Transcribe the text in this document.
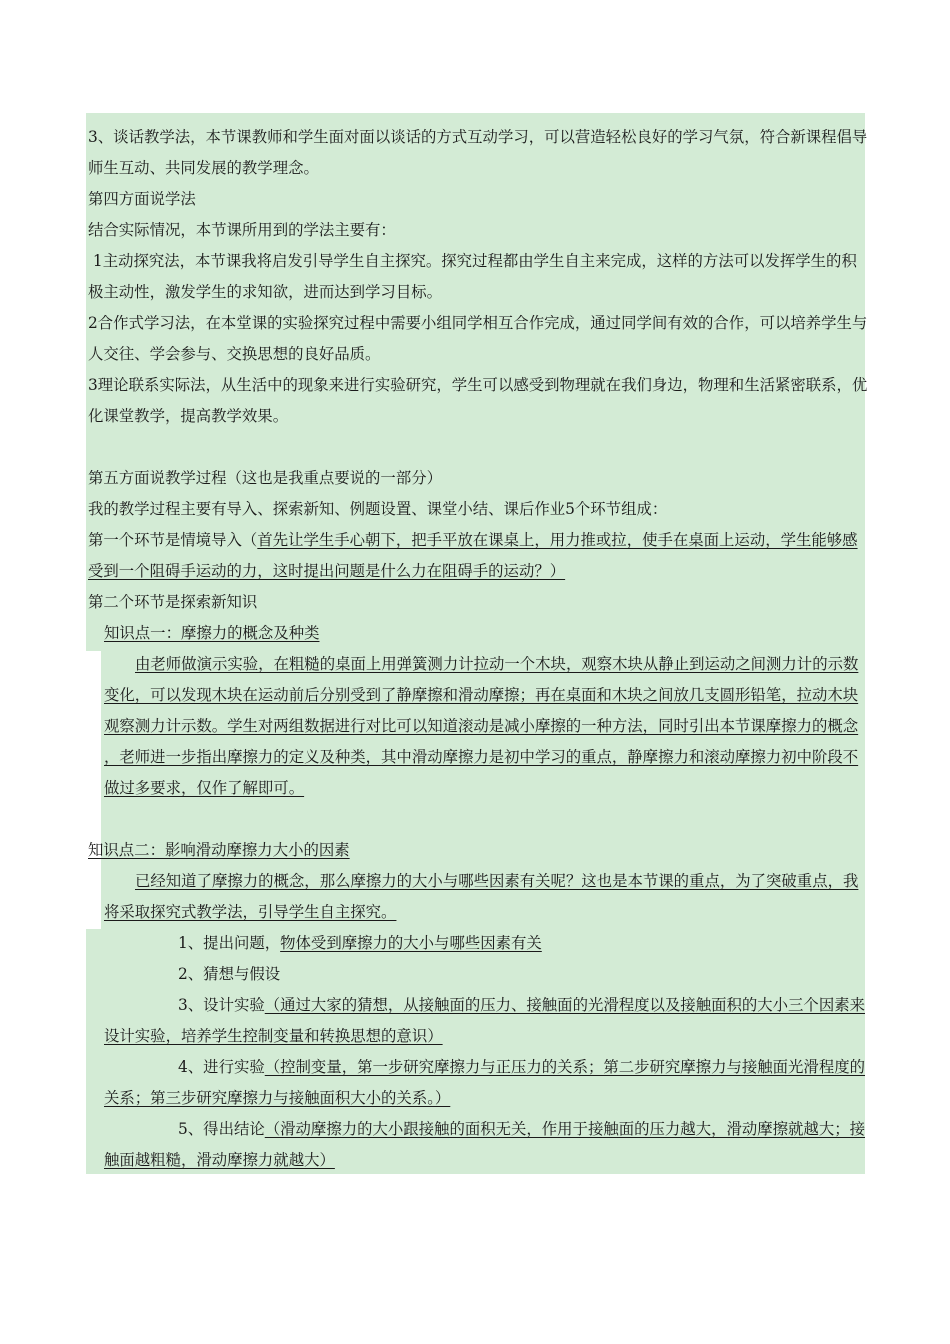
3、谈话教学法，本节课教师和学生面对面以谈话的方式互动学习，可以营造轻松良好的学习气氛，符合新课程倡导师生互动、共同发展的教学理念。

第四方面说学法

结合实际情况，本节课所用到的学法主要有：

1主动探究法，本节课我将启发引导学生自主探究。探究过程都由学生自主来完成，这样的方法可以发挥学生的积极主动性，激发学生的求知欲，进而达到学习目标。

2合作式学习法，在本堂课的实验探究过程中需要小组同学相互合作完成，通过同学间有效的合作，可以培养学生与人交往、学会参与、交换思想的良好品质。

3理论联系实际法，从生活中的现象来进行实验研究，学生可以感受到物理就在我们身边，物理和生活紧密联系，优化课堂教学，提高教学效果。

第五方面说教学过程（这也是我重点要说的一部分）

我的教学过程主要有导入、探索新知、例题设置、课堂小结、课后作业5个环节组成：

第一个环节是情境导入（首先让学生手心朝下，把手平放在课桌上，用力推或拉，使手在桌面上运动，学生能够感受到一个阻碍手运动的力，这时提出问题是什么力在阻碍手的运动？）

第二个环节是探索新知识

知识点一：摩擦力的概念及种类

由老师做演示实验，在粗糙的桌面上用弹簧测力计拉动一个木块，观察木块从静止到运动之间测力计的示数变化，可以发现木块在运动前后分别受到了静摩擦和滑动摩擦；再在桌面和木块之间放几支圆形铅笔，拉动木块观察测力计示数。学生对两组数据进行对比可以知道滚动是减小摩擦的一种方法，同时引出本节课摩擦力的概念 ，老师进一步指出摩擦力的定义及种类，其中滑动摩擦力是初中学习的重点，静摩擦力和滚动摩擦力初中阶段不做过多要求，仅作了解即可。

知识点二：影响滑动摩擦力大小的因素

已经知道了摩擦力的概念，那么摩擦力的大小与哪些因素有关呢？这也是本节课的重点，为了突破重点，我将采取探究式教学法，引导学生自主探究。

1、提出问题，物体受到摩擦力的大小与哪些因素有关

2、猜想与假设

3、设计实验（通过大家的猜想，从接触面的压力、接触面的光滑程度以及接触面积的大小三个因素来设计实验，培养学生控制变量和转换思想的意识）

4、进行实验（控制变量，第一步研究摩擦力与正压力的关系；第二步研究摩擦力与接触面光滑程度的关系；第三步研究摩擦力与接触面积大小的关系。）

5、得出结论（滑动摩擦力的大小跟接触的面积无关，作用于接触面的压力越大，滑动摩擦就越大；接触面越粗糙，滑动摩擦力就越大）
